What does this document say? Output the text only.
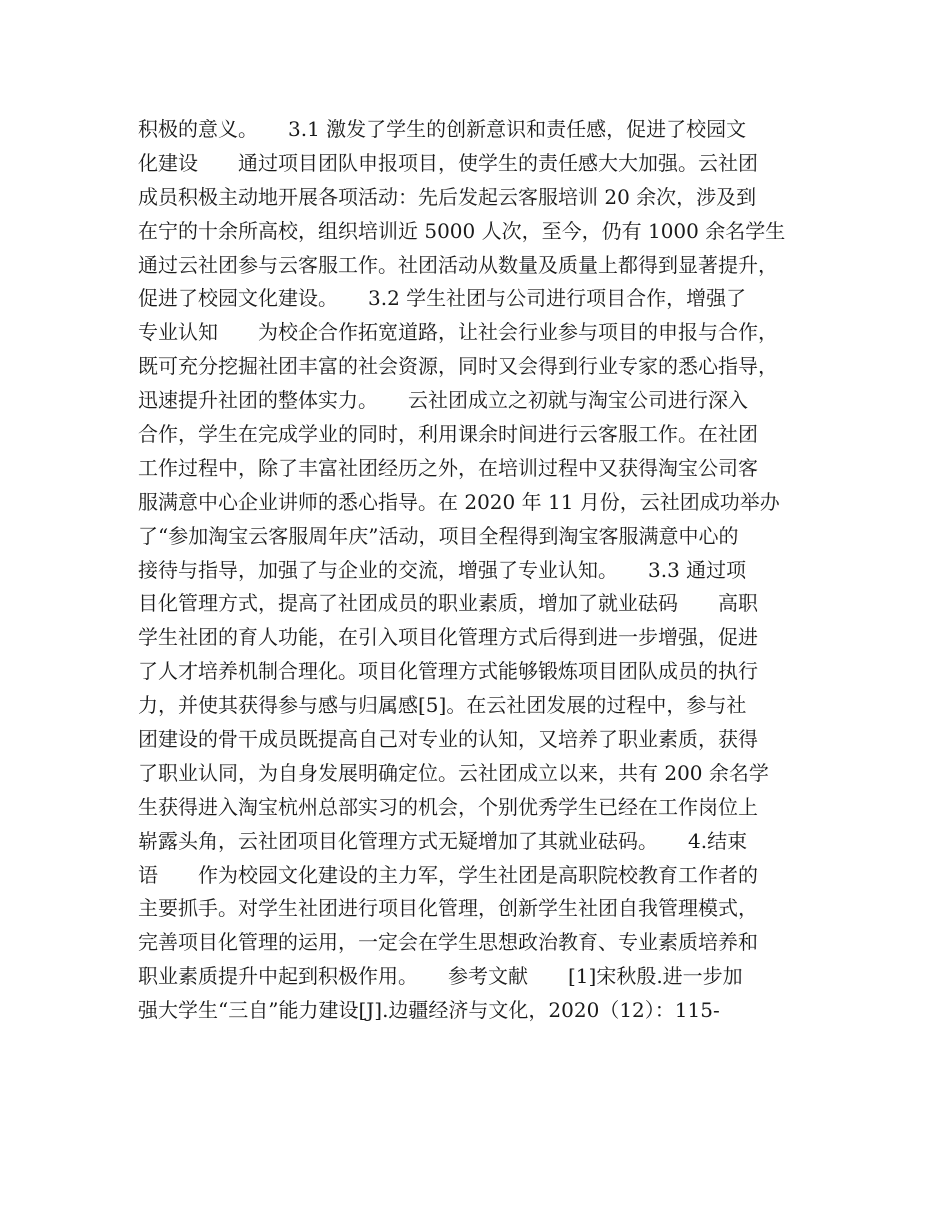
积极的意义。　　3.1 激发了学生的创新意识和责任感，促进了校园文
化建设　　通过项目团队申报项目，使学生的责任感大大加强。云社团
成员积极主动地开展各项活动：先后发起云客服培训 20 余次，涉及到
在宁的十余所高校，组织培训近 5000 人次，至今，仍有 1000 余名学生
通过云社团参与云客服工作。社团活动从数量及质量上都得到显著提升，
促进了校园文化建设。　　3.2 学生社团与公司进行项目合作，增强了
专业认知　　为校企合作拓宽道路，让社会行业参与项目的申报与合作，
既可充分挖掘社团丰富的社会资源，同时又会得到行业专家的悉心指导，
迅速提升社团的整体实力。　　云社团成立之初就与淘宝公司进行深入
合作，学生在完成学业的同时，利用课余时间进行云客服工作。在社团
工作过程中，除了丰富社团经历之外，在培训过程中又获得淘宝公司客
服满意中心企业讲师的悉心指导。在 2020 年 11 月份，云社团成功举办
了“参加淘宝云客服周年庆”活动，项目全程得到淘宝客服满意中心的
接待与指导，加强了与企业的交流，增强了专业认知。　　3.3 通过项
目化管理方式，提高了社团成员的职业素质，增加了就业砝码　　高职
学生社团的育人功能，在引入项目化管理方式后得到进一步增强，促进
了人才培养机制合理化。项目化管理方式能够锻炼项目团队成员的执行
力，并使其获得参与感与归属感[5]。在云社团发展的过程中，参与社
团建设的骨干成员既提高自己对专业的认知，又培养了职业素质，获得
了职业认同，为自身发展明确定位。云社团成立以来，共有 200 余名学
生获得进入淘宝杭州总部实习的机会，个别优秀学生已经在工作岗位上
崭露头角，云社团项目化管理方式无疑增加了其就业砝码。　　4.结束
语　　作为校园文化建设的主力军，学生社团是高职院校教育工作者的
主要抓手。对学生社团进行项目化管理，创新学生社团自我管理模式，
完善项目化管理的运用，一定会在学生思想政治教育、专业素质培养和
职业素质提升中起到积极作用。　　参考文献　　[1]宋秋殷.进一步加
强大学生“三自”能力建设[J].边疆经济与文化，2020（12）：115-
